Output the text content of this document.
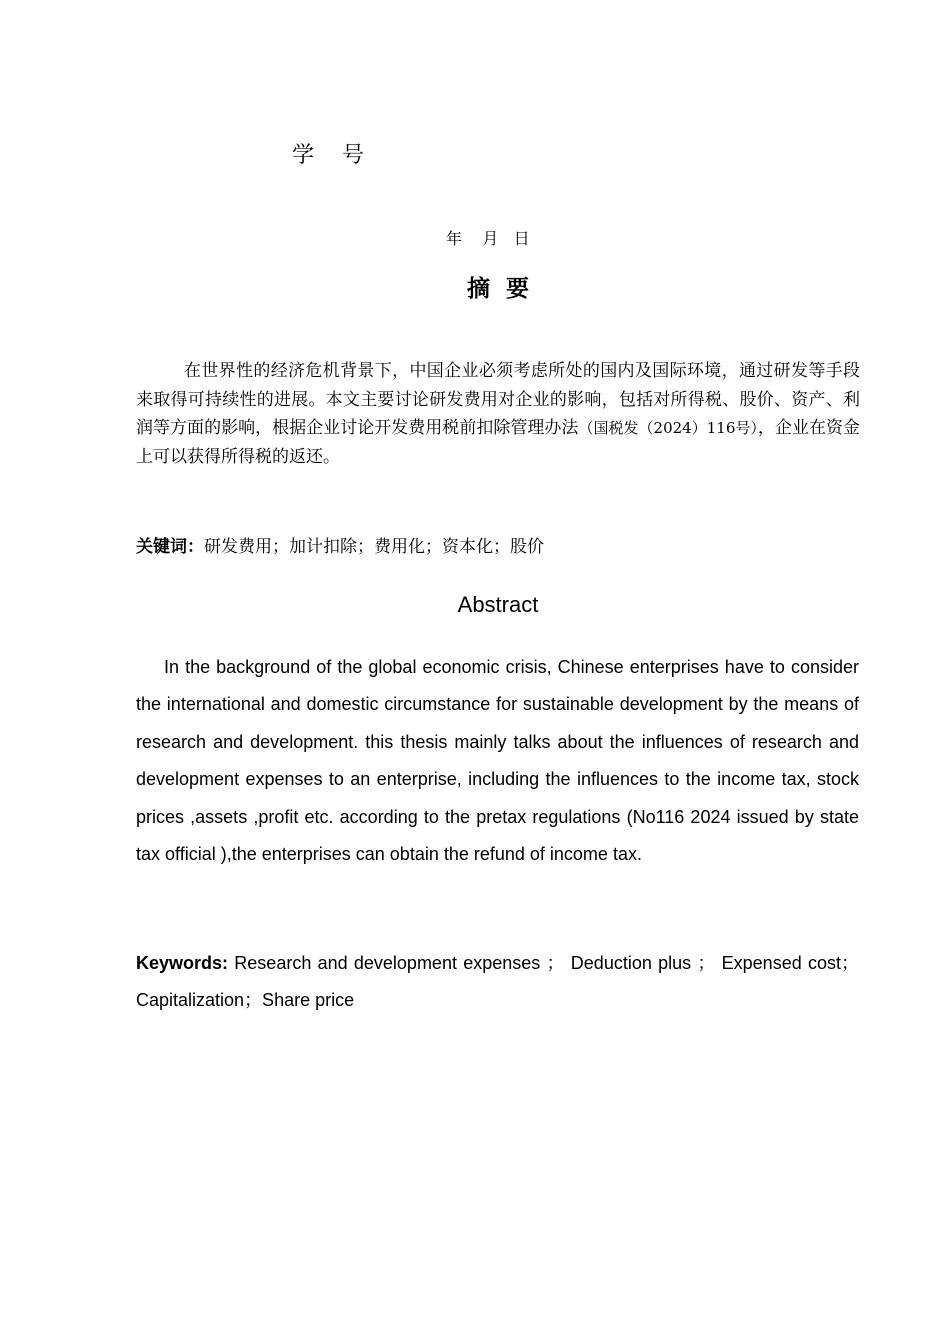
学    号
年    月   日
摘  要

在世界性的经济危机背景下，中国企业必须考虑所处的国内及国际环境，通过研发等手段来取得可持续性的进展。本文主要讨论研发费用对企业的影响，包括对所得税、股价、资产、利润等方面的影响，根据企业讨论开发费用税前扣除管理办法（国税发（2024）116号），企业在资金上可以获得所得税的返还。

关键词：研发费用；加计扣除；费用化；资本化；股价
Abstract

In the background of the global economic crisis, Chinese enterprises have to consider the international and domestic circumstance for sustainable development by the means of research and development. this thesis mainly talks about the influences of research and development expenses to an enterprise, including the influences to the income tax, stock prices ,assets ,profit etc. according to the pretax regulations (No116 2024 issued by state tax official ),the enterprises can obtain the refund of income tax.

Keywords: Research and development expenses ； Deduction plus ； Expensed cost；Capitalization；Share price
